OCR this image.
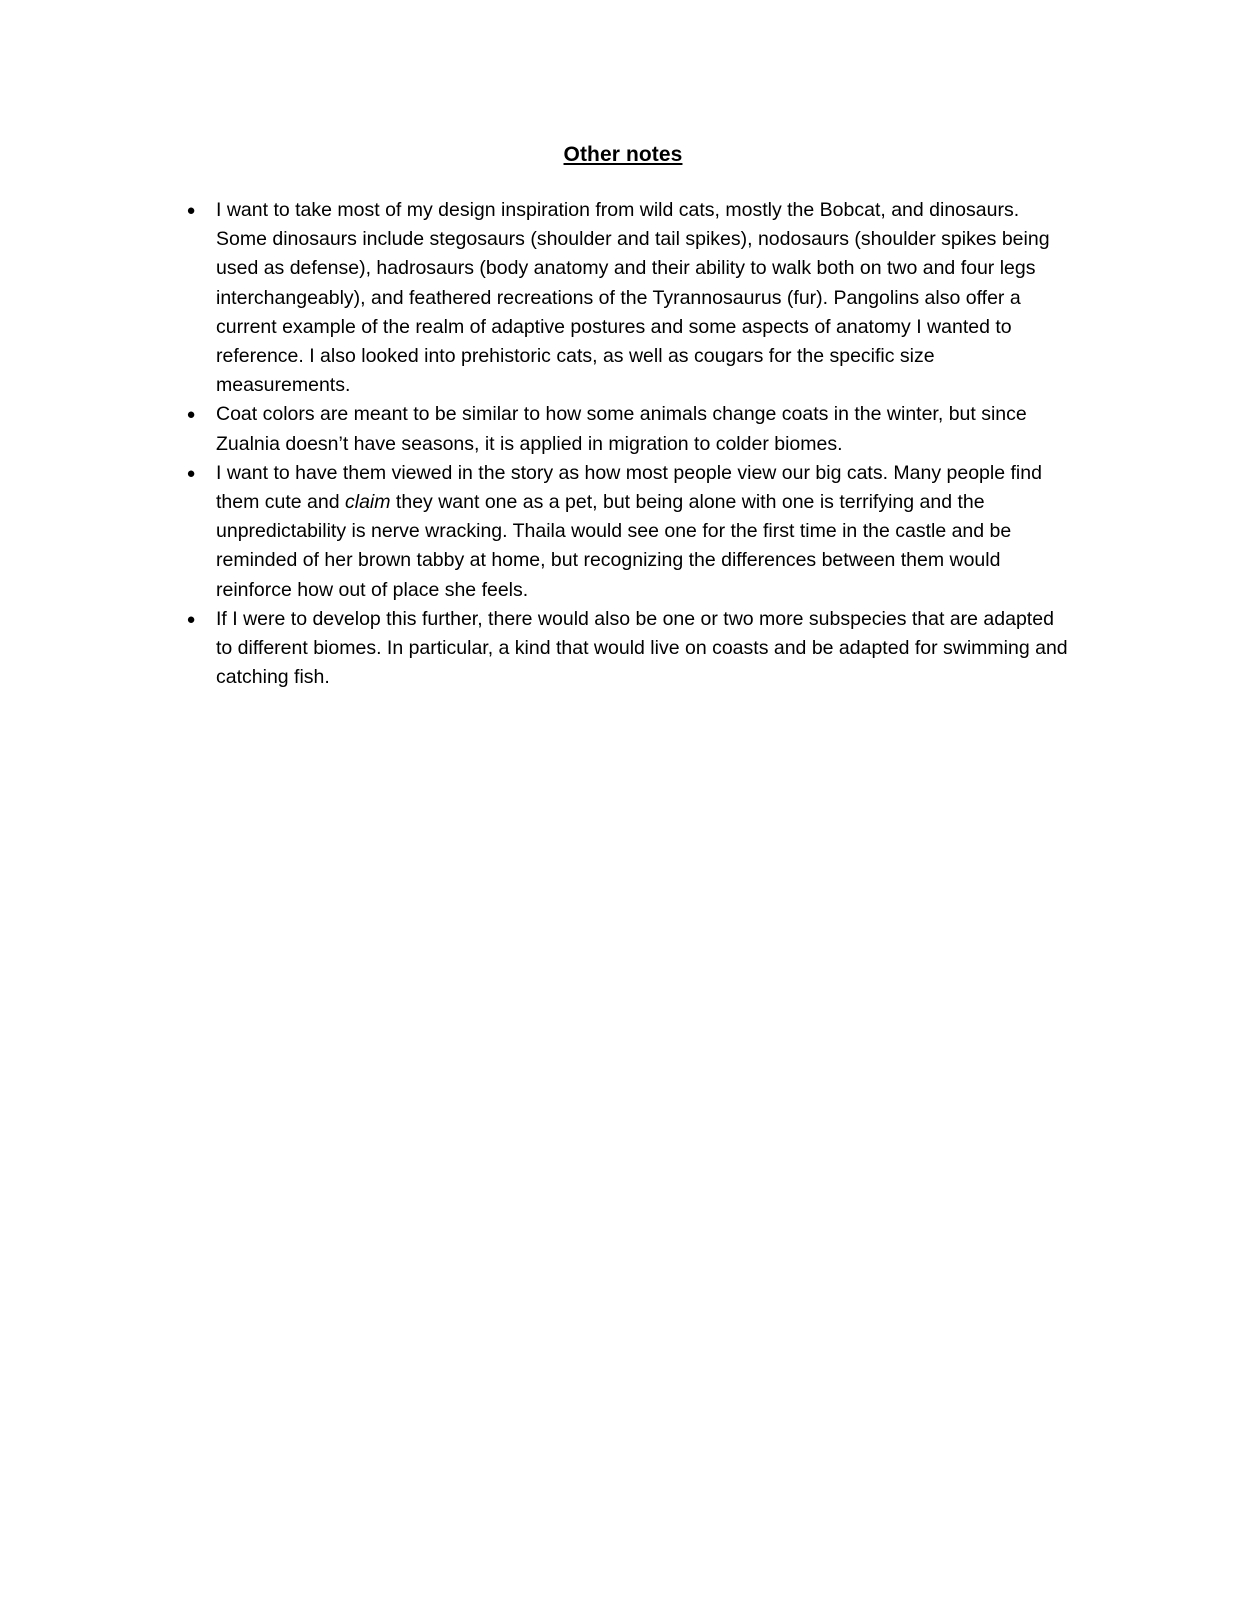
Other notes
● I want to take most of my design inspiration from wild cats, mostly the Bobcat, and dinosaurs. Some dinosaurs include stegosaurs (shoulder and tail spikes), nodosaurs (shoulder spikes being used as defense), hadrosaurs (body anatomy and their ability to walk both on two and four legs interchangeably), and feathered recreations of the Tyrannosaurus (fur). Pangolins also offer a current example of the realm of adaptive postures and some aspects of anatomy I wanted to reference. I also looked into prehistoric cats, as well as cougars for the specific size measurements.
● Coat colors are meant to be similar to how some animals change coats in the winter, but since Zualnia doesn’t have seasons, it is applied in migration to colder biomes.
● I want to have them viewed in the story as how most people view our big cats. Many people find them cute and claim they want one as a pet, but being alone with one is terrifying and the unpredictability is nerve wracking. Thaila would see one for the first time in the castle and be reminded of her brown tabby at home, but recognizing the differences between them would reinforce how out of place she feels.
● If I were to develop this further, there would also be one or two more subspecies that are adapted to different biomes. In particular, a kind that would live on coasts and be adapted for swimming and catching fish.
